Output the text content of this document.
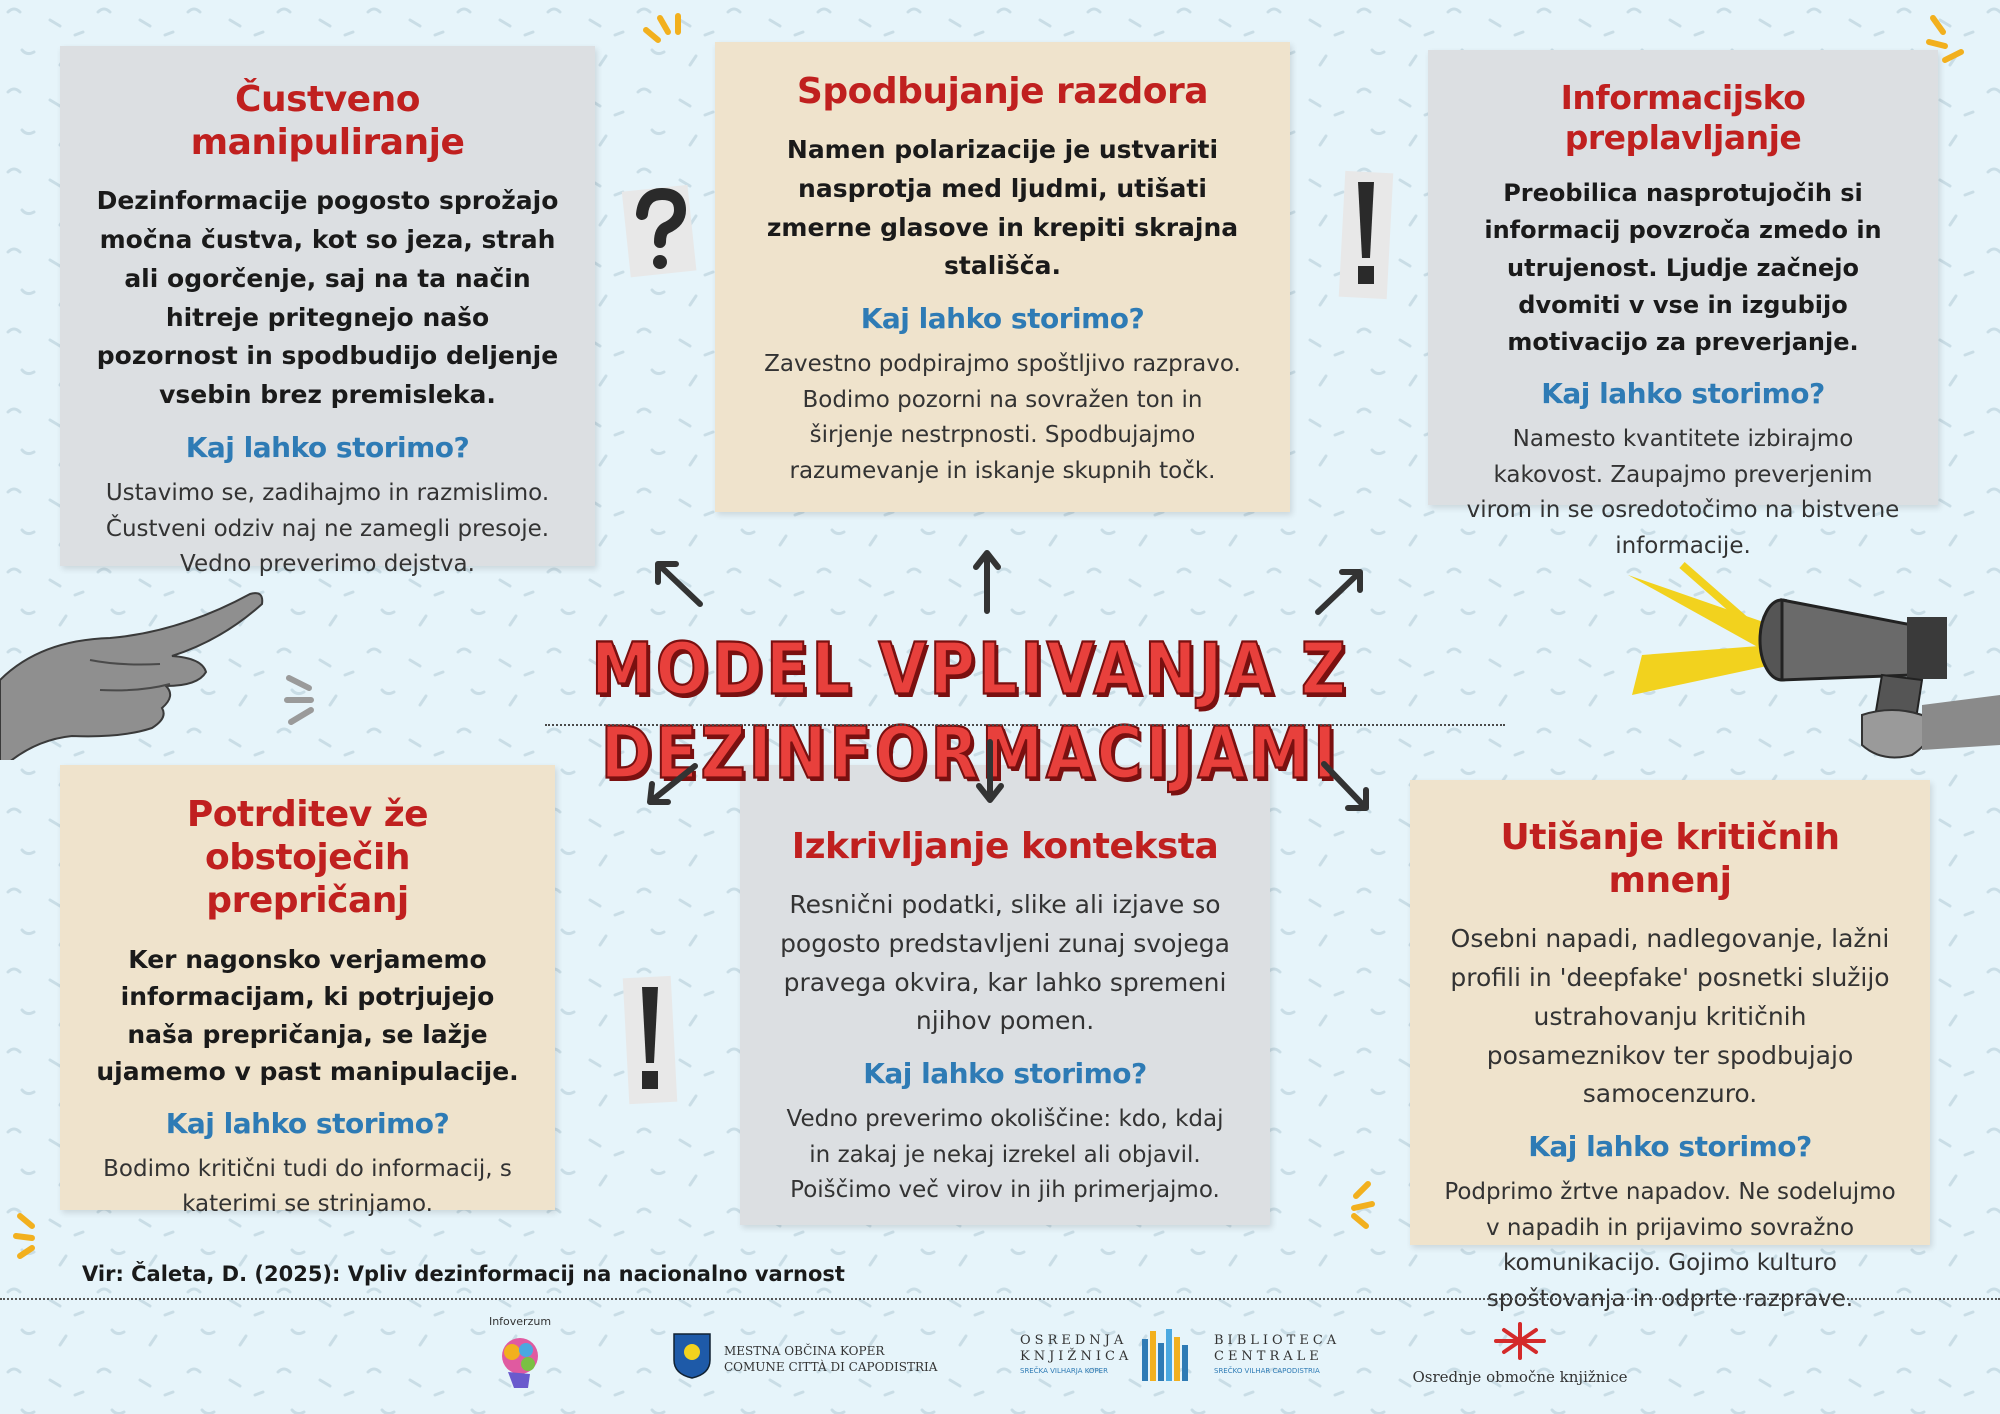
Čustveno manipuliranje

Dezinformacije pogosto sprožajo močna čustva, kot so jeza, strah ali ogorčenje, saj na ta način hitreje pritegnejo našo pozornost in spodbudijo deljenje vsebin brez premisleka.

Kaj lahko storimo?

Ustavimo se, zadihajmo in razmislimo. Čustveni odziv naj ne zamegli presoje. Vedno preverimo dejstva.

Spodbujanje razdora

Namen polarizacije je ustvariti nasprotja med ljudmi, utišati zmerne glasove in krepiti skrajna stališča.

Kaj lahko storimo?

Zavestno podpirajmo spoštljivo razpravo. Bodimo pozorni na sovražen ton in širjenje nestrpnosti. Spodbujajmo razumevanje in iskanje skupnih točk.

Informacijsko preplavljanje

Preobilica nasprotujočih si informacij povzroča zmedo in utrujenost. Ljudje začnejo dvomiti v vse in izgubijo motivacijo za preverjanje.

Kaj lahko storimo?

Namesto kvantitete izbirajmo kakovost. Zaupajmo preverjenim virom in se osredotočimo na bistvene informacije.

Potrditev že obstoječih prepričanj

Ker nagonsko verjamemo informacijam, ki potrjujejo naša prepričanja, se lažje ujamemo v past manipulacije.

Kaj lahko storimo?

Bodimo kritični tudi do informacij, s katerimi se strinjamo.

Izkrivljanje konteksta

Resnični podatki, slike ali izjave so pogosto predstavljeni zunaj svojega pravega okvira, kar lahko spremeni njihov pomen.

Kaj lahko storimo?

Vedno preverimo okoliščine: kdo, kdaj in zakaj je nekaj izrekel ali objavil. Poiščimo več virov in jih primerjajmo.

Utišanje kritičnih mnenj

Osebni napadi, nadlegovanje, lažni profili in 'deepfake' posnetki služijo ustrahovanju kritičnih posameznikov ter spodbujajo samocenzuro.

Kaj lahko storimo?

Podprimo žrtve napadov. Ne sodelujmo v napadih in prijavimo sovražno komunikacijo. Gojimo kulturo spoštovanja in odprte razprave.

MODEL VPLIVANJA Z DEZINFORMACIJAMI
Vir: Čaleta, D. (2025): Vpliv dezinformacij na nacionalno varnost
Infoverzum
MESTNA OBČINA KOPER
COMUNE CITTÀ DI CAPODISTRIA
OSREDNJA
KNJIŽNICA
SREČKA VILHARJA KOPER
BIBLIOTECA
CENTRALE
SREČKO VILHAR CAPODISTRIA	Osrednje območne knjižnice
